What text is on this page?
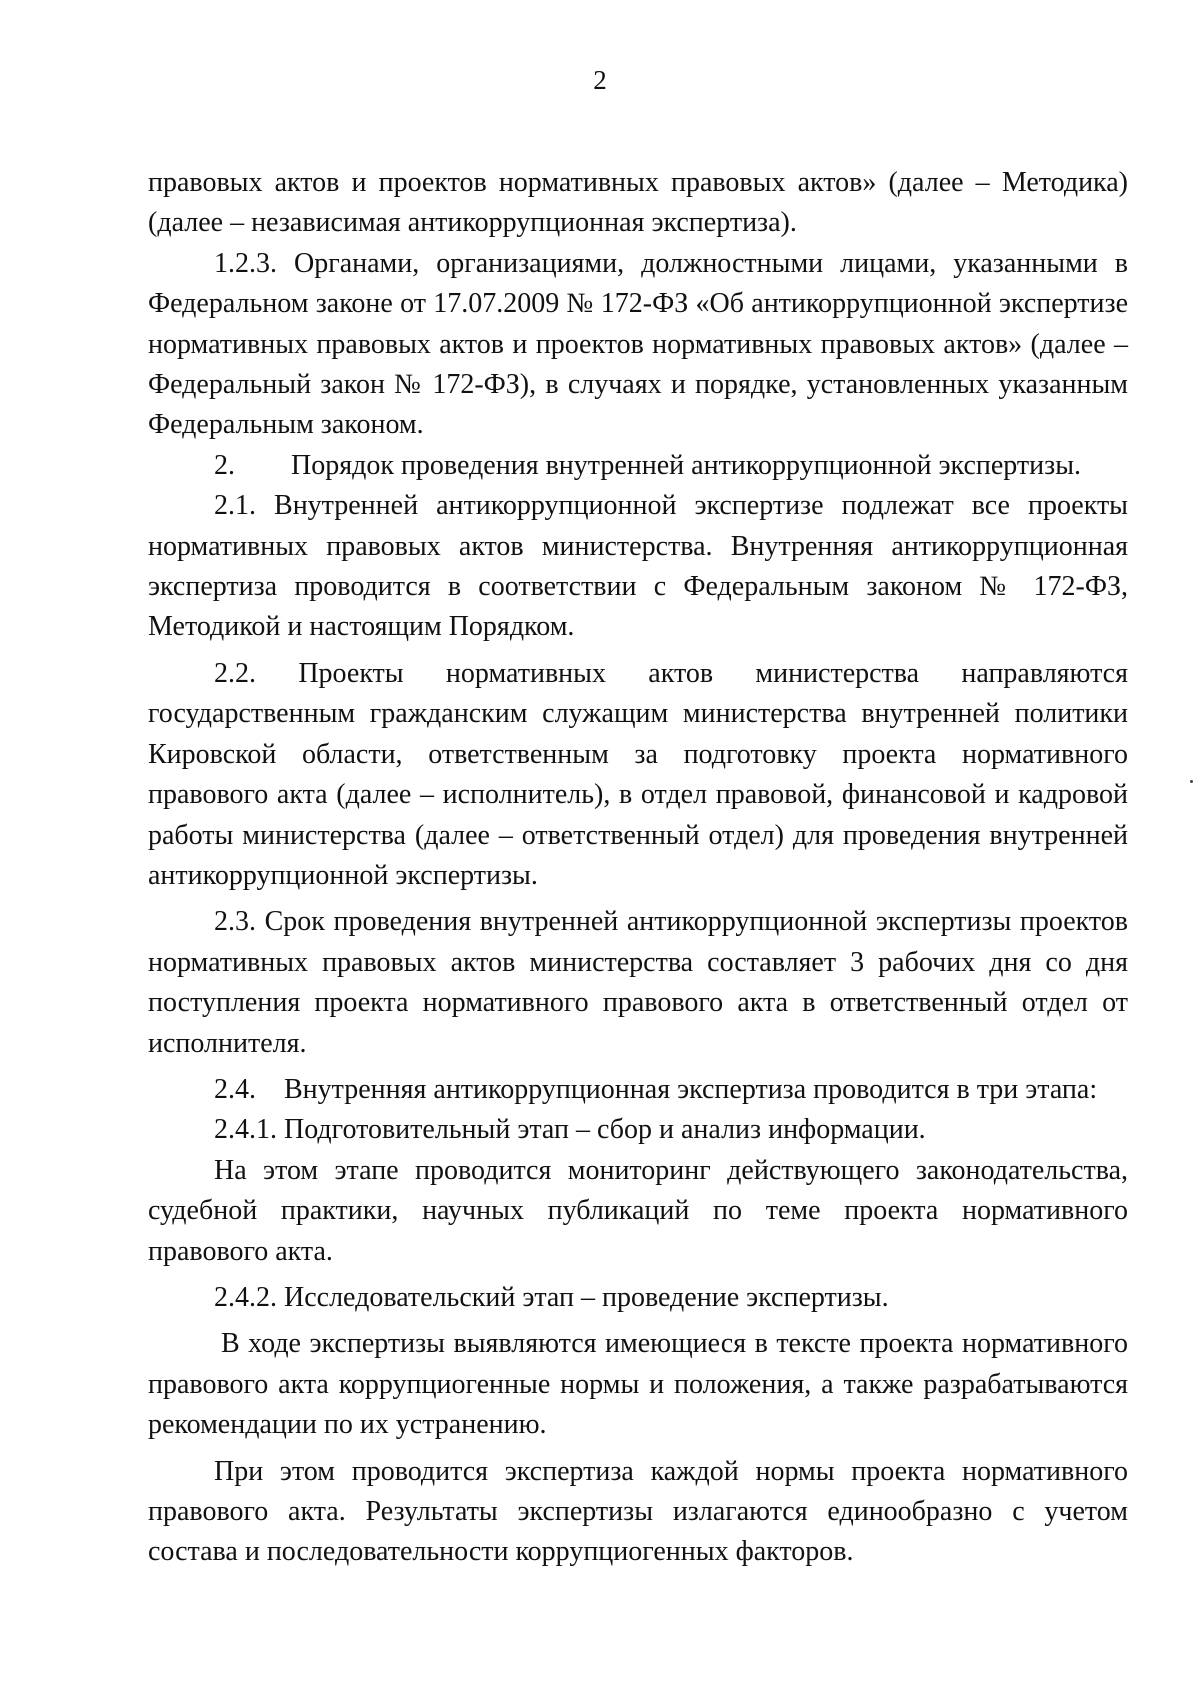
2

правовых актов и проектов нормативных правовых актов» (далее – Методика) (далее – независимая антикоррупционная экспертиза).

1.2.3. Органами, организациями, должностными лицами, указанными в Федеральном законе от 17.07.2009 № 172-ФЗ «Об антикоррупционной экспертизе нормативных правовых актов и проектов нормативных правовых актов» (далее – Федеральный закон № 172-ФЗ), в случаях и порядке, установленных указанным Федеральным законом.

2.  Порядок проведения внутренней антикоррупционной экспертизы.

2.1. Внутренней антикоррупционной экспертизе подлежат все проекты нормативных правовых актов министерства. Внутренняя антикоррупционная экспертиза проводится в соответствии с Федеральным законом № 172-ФЗ, Методикой и настоящим Порядком.

2.2. Проекты нормативных актов министерства направляются государственным гражданским служащим министерства внутренней политики Кировской области, ответственным за подготовку проекта нормативного правового акта (далее – исполнитель), в отдел правовой, финансовой и кадровой работы министерства (далее – ответственный отдел) для проведения внутренней антикоррупционной экспертизы.

2.3. Срок проведения внутренней антикоррупционной экспертизы проектов нормативных правовых актов министерства составляет 3 рабочих дня со дня поступления проекта нормативного правового акта в ответственный отдел от исполнителя.

2.4. Внутренняя антикоррупционная экспертиза проводится в три этапа:

2.4.1. Подготовительный этап – сбор и анализ информации.

На этом этапе проводится мониторинг действующего законодательства, судебной практики, научных публикаций по теме проекта нормативного правового акта.

2.4.2. Исследовательский этап – проведение экспертизы.

В ходе экспертизы выявляются имеющиеся в тексте проекта нормативного правового акта коррупциогенные нормы и положения, а также разрабатываются рекомендации по их устранению.

При этом проводится экспертиза каждой нормы проекта нормативного правового акта. Результаты экспертизы излагаются единообразно с учетом состава и последовательности коррупциогенных факторов.
